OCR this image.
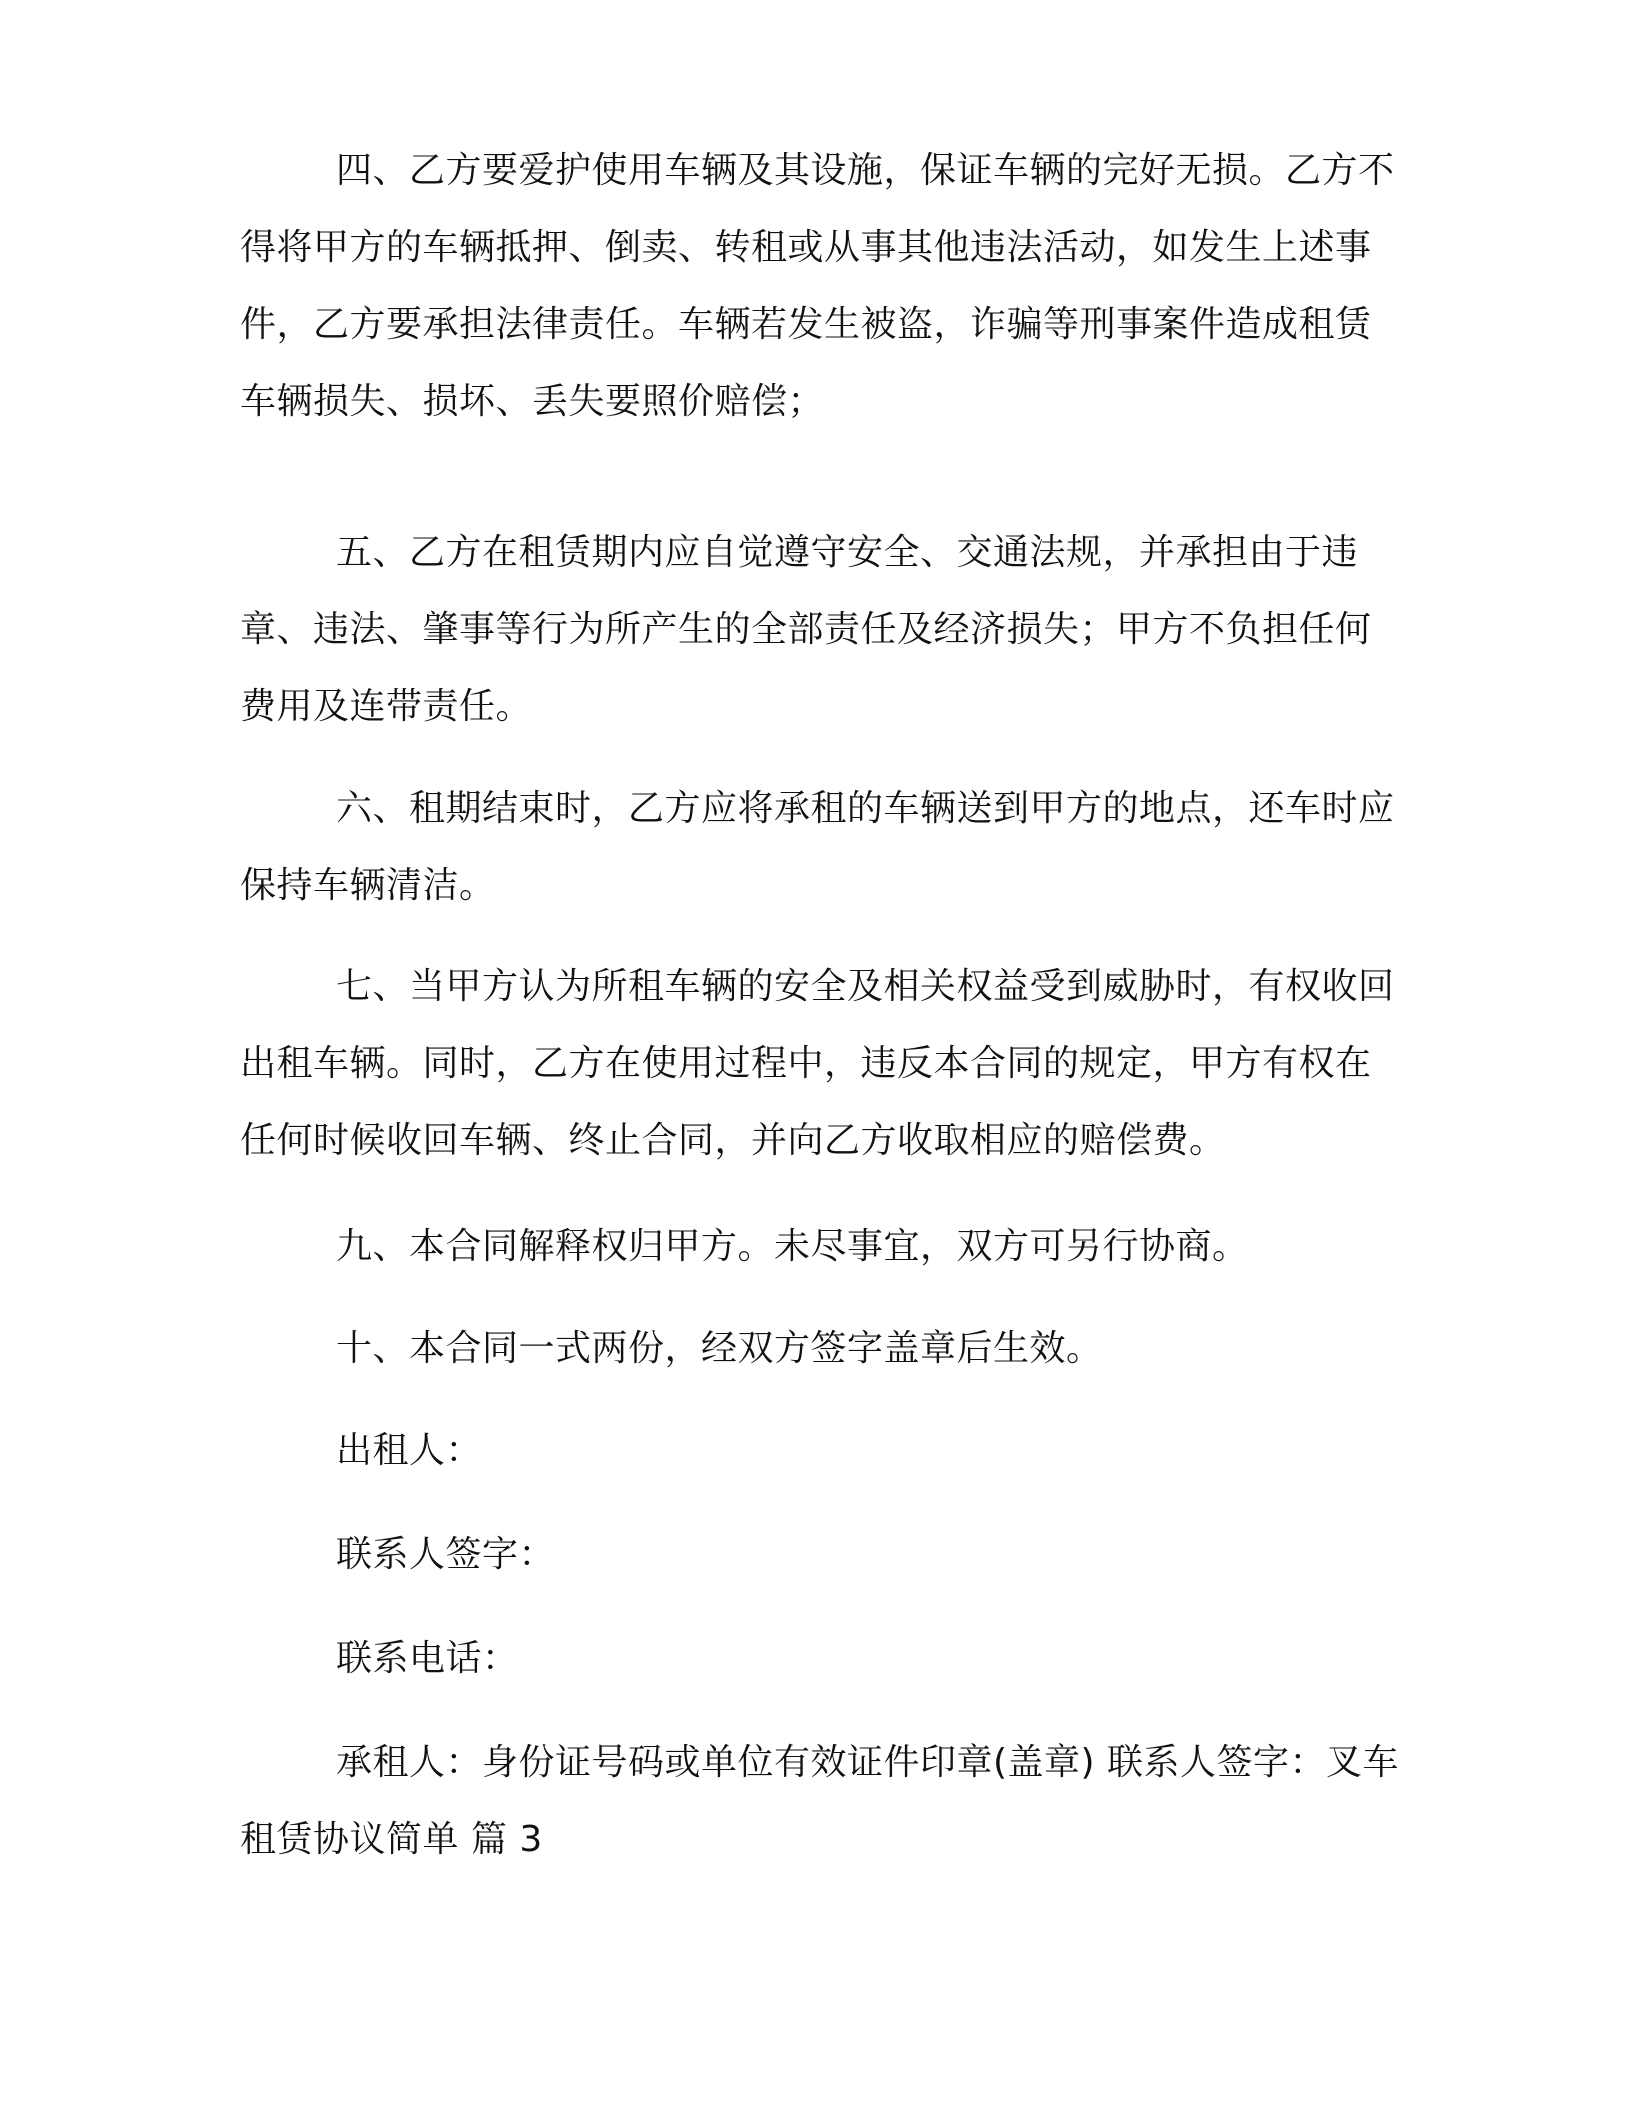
四、乙方要爱护使用车辆及其设施，保证车辆的完好无损。乙方不得将甲方的车辆抵押、倒卖、转租或从事其他违法活动，如发生上述事件，乙方要承担法律责任。车辆若发生被盗，诈骗等刑事案件造成租赁车辆损失、损坏、丢失要照价赔偿；

五、乙方在租赁期内应自觉遵守安全、交通法规，并承担由于违章、违法、肇事等行为所产生的全部责任及经济损失；甲方不负担任何费用及连带责任。

六、租期结束时，乙方应将承租的车辆送到甲方的地点，还车时应保持车辆清洁。

七、当甲方认为所租车辆的安全及相关权益受到威胁时，有权收回出租车辆。同时，乙方在使用过程中，违反本合同的规定，甲方有权在任何时候收回车辆、终止合同，并向乙方收取相应的赔偿费。

九、本合同解释权归甲方。未尽事宜，双方可另行协商。

十、本合同一式两份，经双方签字盖章后生效。

出租人：

联系人签字：

联系电话：

承租人：身份证号码或单位有效证件印章(盖章) 联系人签字：叉车租赁协议简单 篇 3
